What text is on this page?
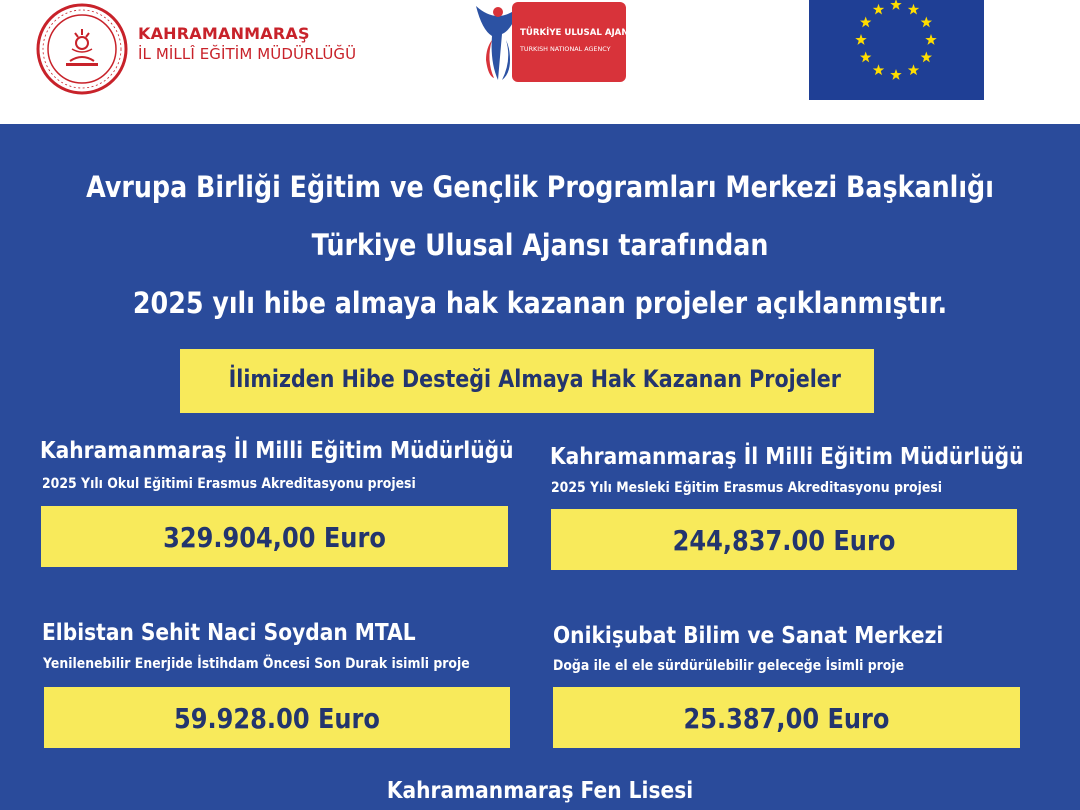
KAHRAMANMARAŞ
İL MİLLÎ EĞİTİM MÜDÜRLÜĞÜ
TÜRKİYE ULUSAL AJANSI
TURKISH NATIONAL AGENCY
Avrupa Birliği Eğitim ve Gençlik Programları Merkezi Başkanlığı
Türkiye Ulusal Ajansı tarafından
2025 yılı hibe almaya hak kazanan projeler açıklanmıştır.
İlimizden Hibe Desteği Almaya Hak Kazanan Projeler
Kahramanmaraş İl Milli Eğitim Müdürlüğü
2025 Yılı Okul Eğitimi Erasmus Akreditasyonu projesi
329.904,00 Euro
Kahramanmaraş İl Milli Eğitim Müdürlüğü
2025 Yılı Mesleki Eğitim Erasmus Akreditasyonu projesi
244,837.00 Euro
Elbistan Sehit Naci Soydan MTAL
Yenilenebilir Enerjide İstihdam Öncesi Son Durak isimli proje
59.928.00 Euro
Onikişubat Bilim ve Sanat Merkezi
Doğa ile el ele sürdürülebilir geleceğe İsimli proje
25.387,00 Euro
Kahramanmaraş Fen Lisesi
